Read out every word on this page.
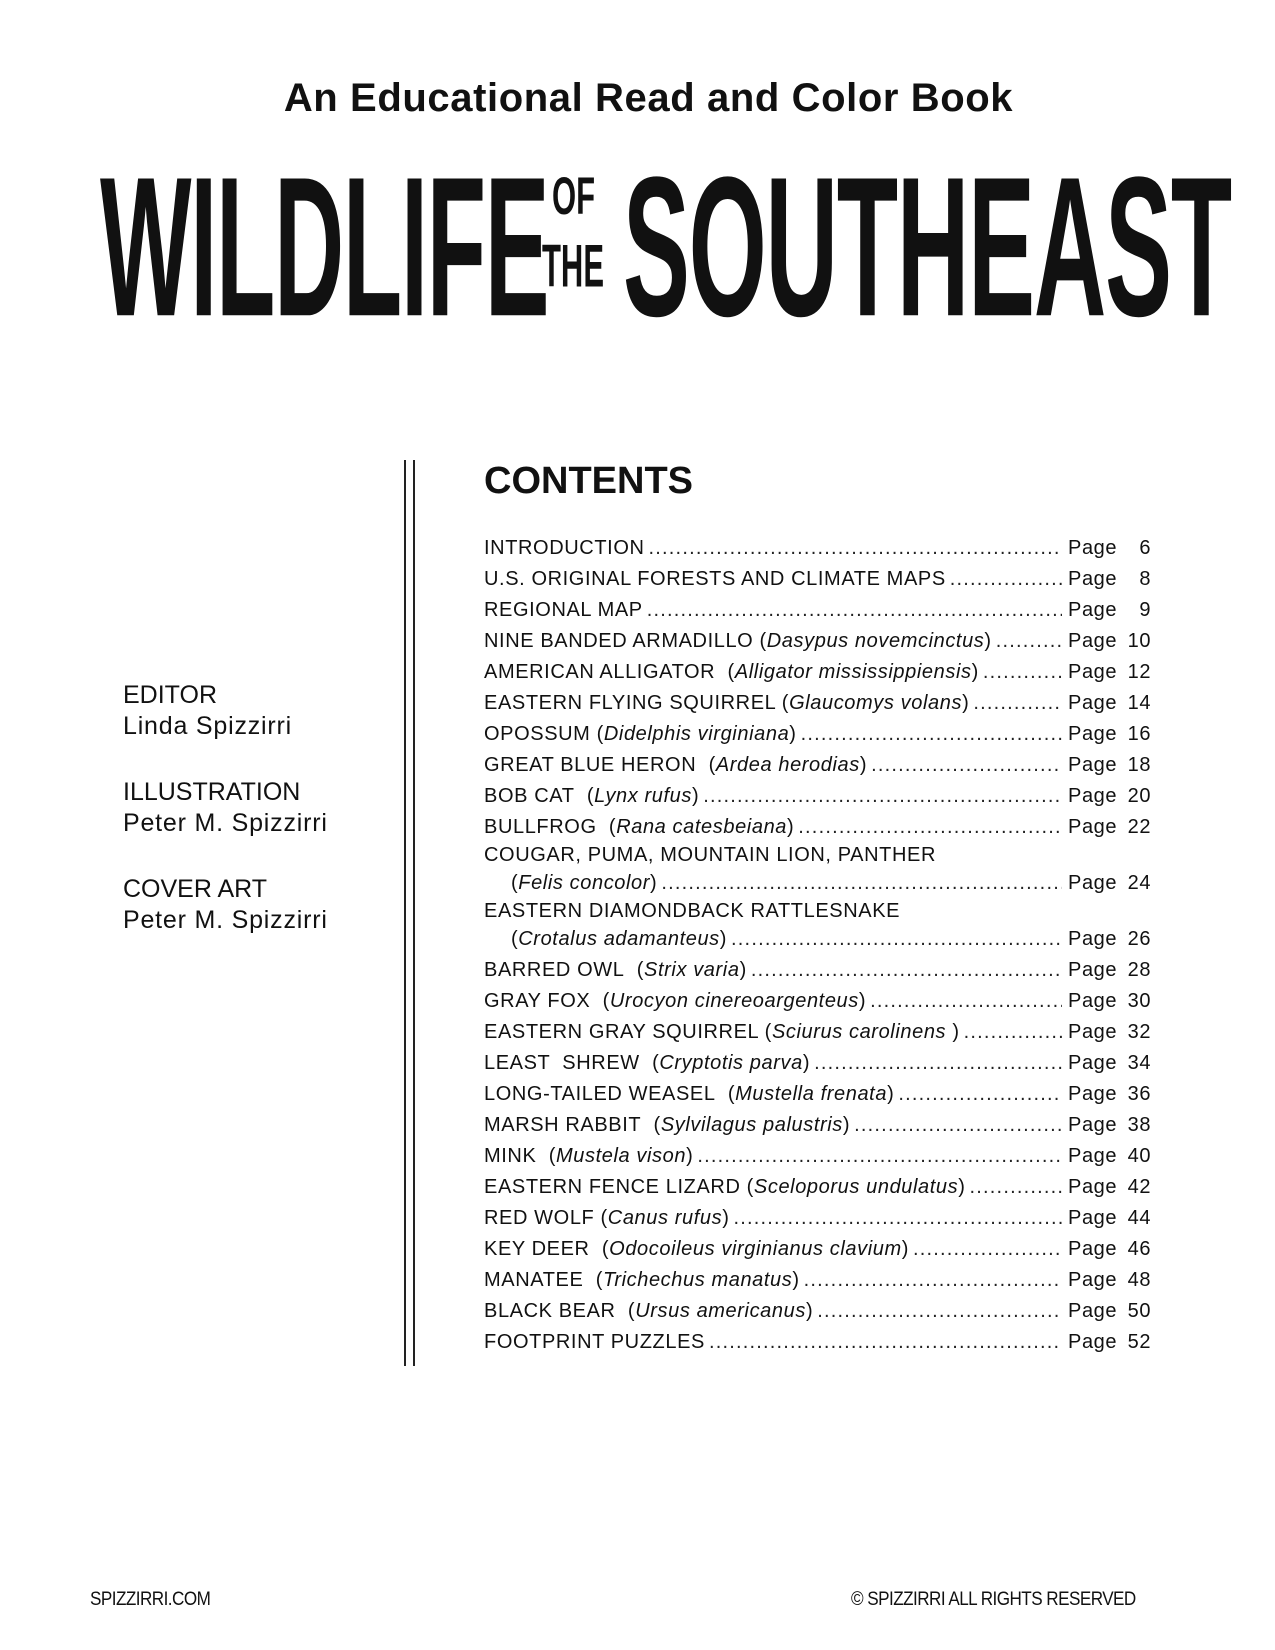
An Educational Read and Color Book
WILDLIFE OF
THE SOUTHEAST
EDITOR
Linda Spizzirri
ILLUSTRATION
Peter M. Spizzirri
COVER ART
Peter M. Spizzirri
CONTENTS
INTRODUCTION .....	Page 6
U.S. ORIGINAL FORESTS AND CLIMATE MAPS .....	Page 8
REGIONAL MAP .....	Page 9
NINE BANDED ARMADILLO (Dasypus novemcinctus) .....	Page 10
AMERICAN ALLIGATOR  (Alligator mississippiensis) .....	Page 12
EASTERN FLYING SQUIRREL (Glaucomys volans) .....	Page 14
OPOSSUM (Didelphis virginiana) .....	Page 16
GREAT BLUE HERON  (Ardea herodias) .....	Page 18
BOB CAT  (Lynx rufus) .....	Page 20
BULLFROG  (Rana catesbeiana) .....	Page 22
COUGAR, PUMA, MOUNTAIN LION, PANTHER
(Felis concolor) .....	Page 24
EASTERN DIAMONDBACK RATTLESNAKE
(Crotalus adamanteus) .....	Page 26
BARRED OWL  (Strix varia) .....	Page 28
GRAY FOX  (Urocyon cinereoargenteus) .....	Page 30
EASTERN GRAY SQUIRREL (Sciurus carolinens ) .....	Page 32
LEAST  SHREW  (Cryptotis parva) .....	Page 34
LONG-TAILED WEASEL  (Mustella frenata) .....	Page 36
MARSH RABBIT  (Sylvilagus palustris) .....	Page 38
MINK  (Mustela vison) .....	Page 40
EASTERN FENCE LIZARD (Sceloporus undulatus) .....	Page 42
RED WOLF (Canus rufus) .....	Page 44
KEY DEER  (Odocoileus virginianus clavium) .....	Page 46
MANATEE  (Trichechus manatus) .....	Page 48
BLACK BEAR  (Ursus americanus) .....	Page 50
FOOTPRINT PUZZLES .....	Page 52
SPIZZIRRI.COM	© SPIZZIRRI ALL RIGHTS RESERVED
